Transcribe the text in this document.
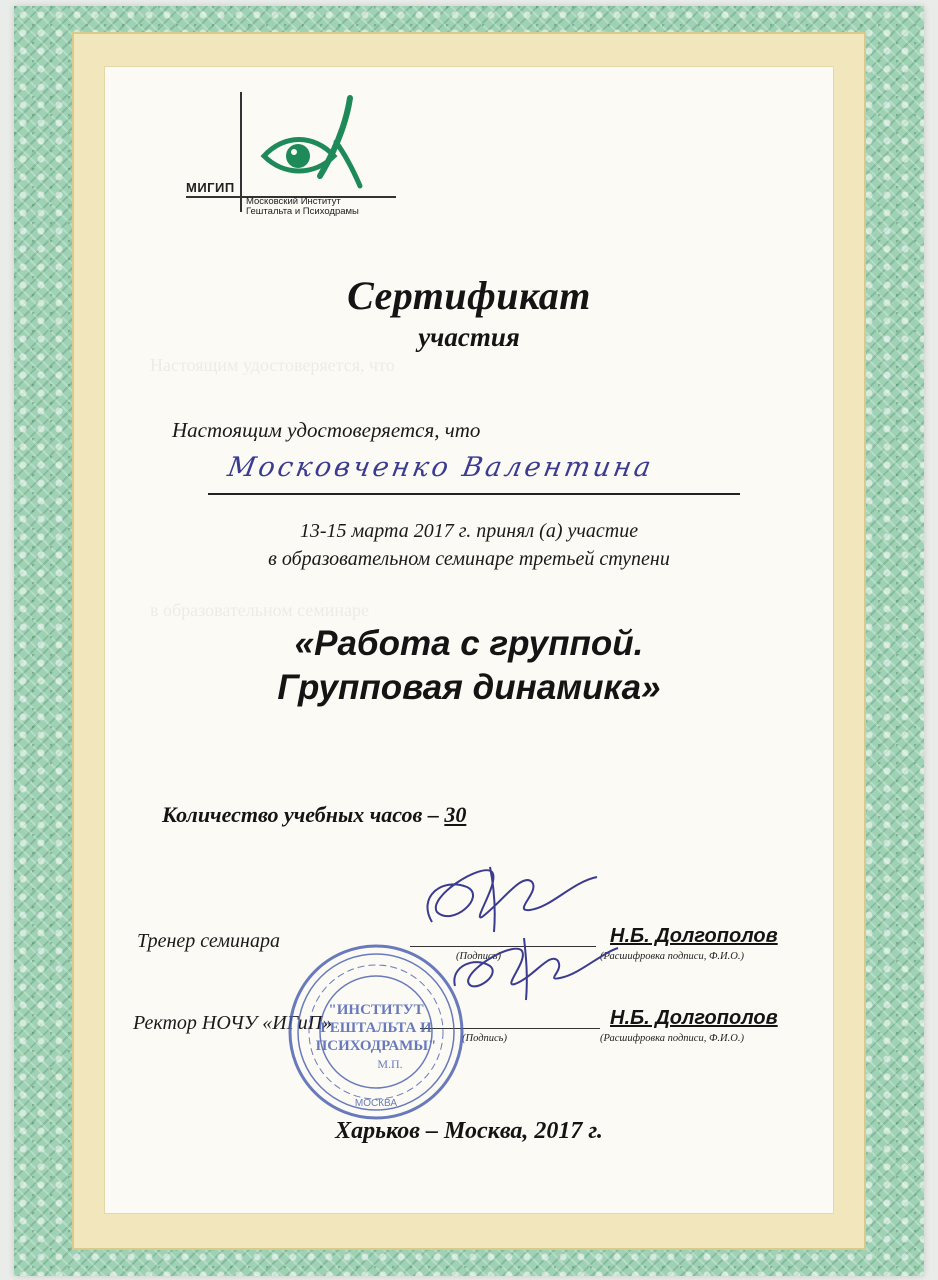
Настоящим удостоверяется, что
в образовательном семинаре
МИГИП
Московский Институт
Гештальта и Психодрамы
Сертификат
участия
Настоящим удостоверяется, что
Московченко Валентина
13-15 марта 2017 г. принял (а) участие
в образовательном семинаре третьей ступени
«Работа с группой.
Групповая динамика»
Количество учебных часов – 30
Тренер семинара
(Подпись)
Н.Б. Долгополов
(Расшифровка подписи, Ф.И.О.)
Ректор НОЧУ «ИГиП»
(Подпись)
Н.Б. Долгополов
(Расшифровка подписи, Ф.И.О.)
"ИНСТИТУТ
ГЕШТАЛЬТА И
ПСИХОДРАМЫ"
М.П.
МОСКВА
Харьков – Москва, 2017 г.
